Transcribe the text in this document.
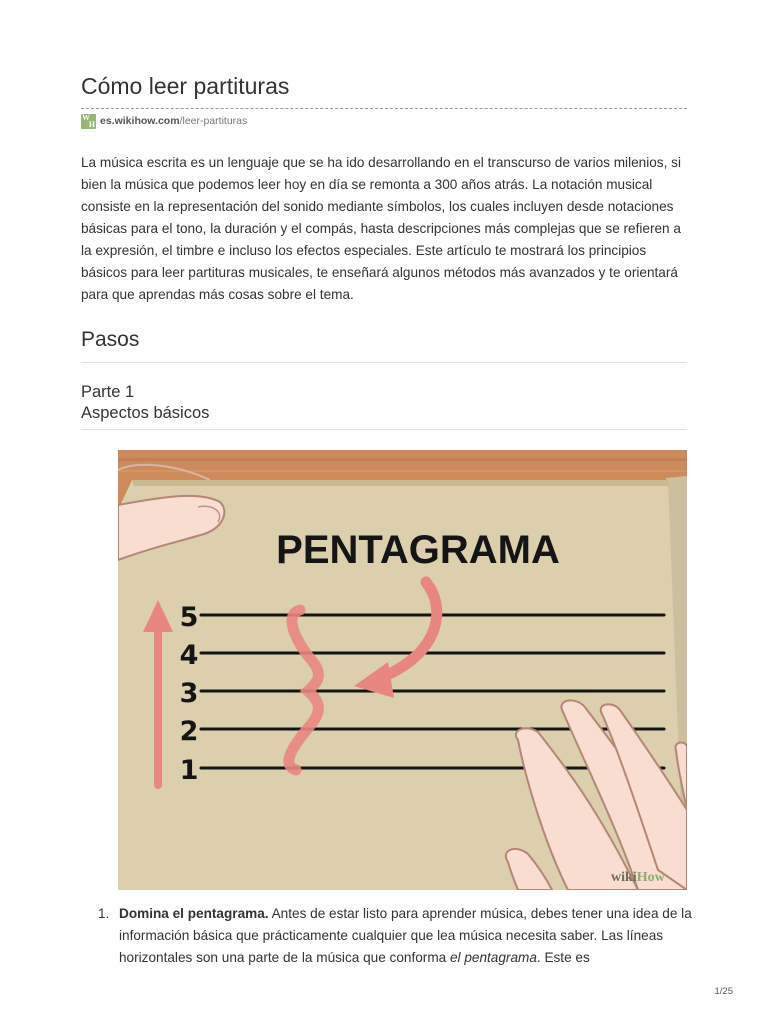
Cómo leer partituras
W
H es.wikihow.com /leer-partituras

La música escrita es un lenguaje que se ha ido desarrollando en el transcurso de varios milenios, si bien la música que podemos leer hoy en día se remonta a 300 años atrás. La notación musical consiste en la representación del sonido mediante símbolos, los cuales incluyen desde notaciones básicas para el tono, la duración y el compás, hasta descripciones más complejas que se refieren a la expresión, el timbre e incluso los efectos especiales. Este artículo te mostrará los principios básicos para leer partituras musicales, te enseñará algunos métodos más avanzados y te orientará para que aprendas más cosas sobre el tema.

Pasos
Parte 1
Aspectos básicos
PENTAGRAMA
5
4
3
2
1
wikiHow
1. Domina el pentagrama. Antes de estar listo para aprender música, debes tener una idea de la información básica que prácticamente cualquier que lea música necesita saber. Las líneas horizontales son una parte de la música que conforma el pentagrama. Este es
1/25
